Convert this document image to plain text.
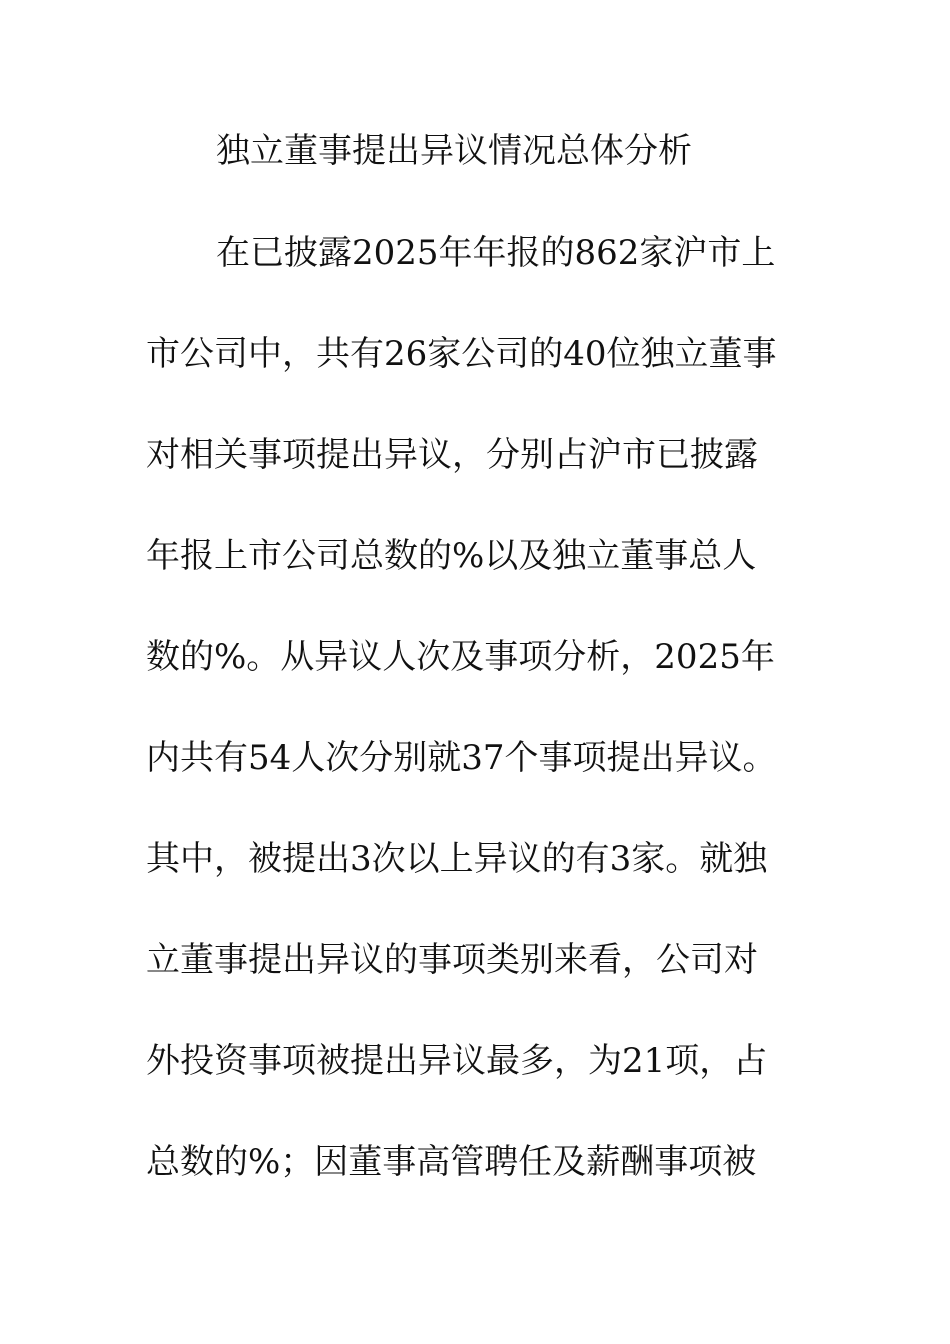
独立董事提出异议情况总体分析
在已披露2025年年报的862家沪市上
市公司中，共有26家公司的40位独立董事
对相关事项提出异议，分别占沪市已披露
年报上市公司总数的%以及独立董事总人
数的%。从异议人次及事项分析，2025年
内共有54人次分别就37个事项提出异议。
其中，被提出3次以上异议的有3家。就独
立董事提出异议的事项类别来看，公司对
外投资事项被提出异议最多，为21项，占
总数的%；因董事高管聘任及薪酬事项被
